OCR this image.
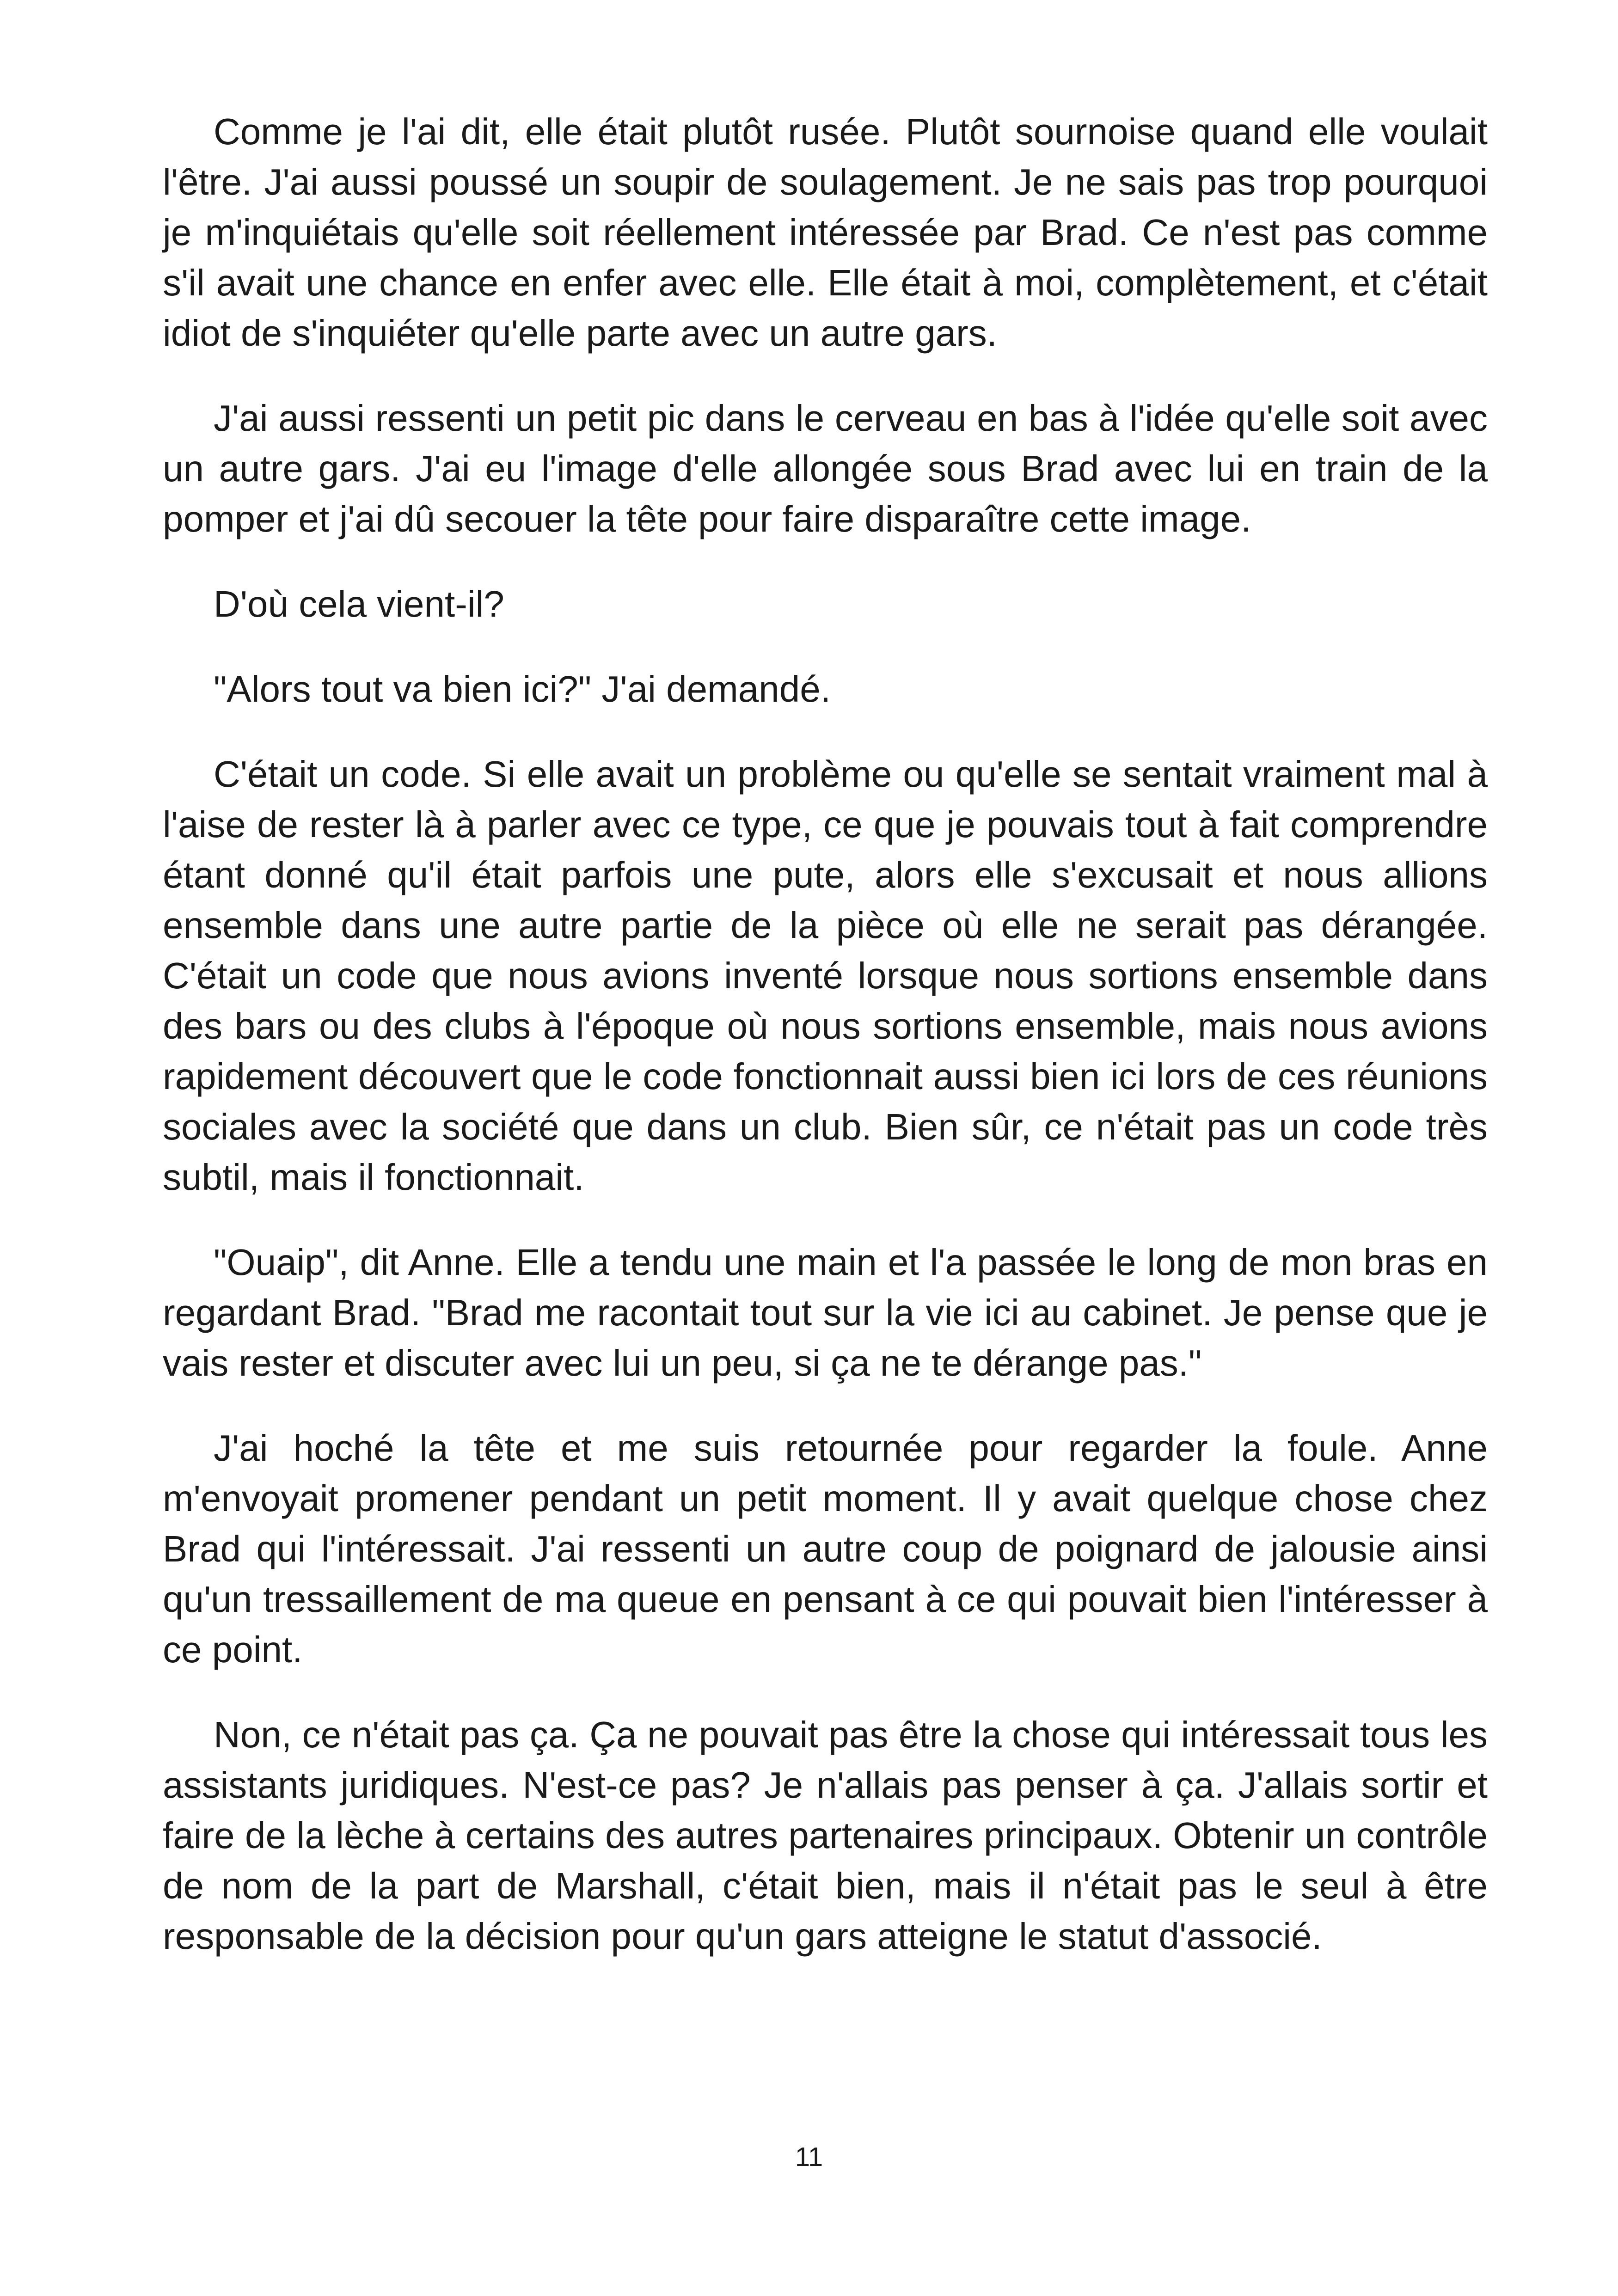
Comme je l'ai dit, elle était plutôt rusée. Plutôt sournoise quand elle voulait l'être. J'ai aussi poussé un soupir de soulagement. Je ne sais pas trop pourquoi je m'inquiétais qu'elle soit réellement intéressée par Brad. Ce n'est pas comme s'il avait une chance en enfer avec elle. Elle était à moi, complètement, et c'était idiot de s'inquiéter qu'elle parte avec un autre gars.

J'ai aussi ressenti un petit pic dans le cerveau en bas à l'idée qu'elle soit avec un autre gars. J'ai eu l'image d'elle allongée sous Brad avec lui en train de la pomper et j'ai dû secouer la tête pour faire disparaître cette image.

D'où cela vient-il?

"Alors tout va bien ici?" J'ai demandé.

C'était un code. Si elle avait un problème ou qu'elle se sentait vraiment mal à l'aise de rester là à parler avec ce type, ce que je pouvais tout à fait comprendre étant donné qu'il était parfois une pute, alors elle s'excusait et nous allions ensemble dans une autre partie de la pièce où elle ne serait pas dérangée. C'était un code que nous avions inventé lorsque nous sortions ensemble dans des bars ou des clubs à l'époque où nous sortions ensemble, mais nous avions rapidement découvert que le code fonctionnait aussi bien ici lors de ces réunions sociales avec la société que dans un club. Bien sûr, ce n'était pas un code très subtil, mais il fonctionnait.

"Ouaip", dit Anne. Elle a tendu une main et l'a passée le long de mon bras en regardant Brad. "Brad me racontait tout sur la vie ici au cabinet. Je pense que je vais rester et discuter avec lui un peu, si ça ne te dérange pas."

J'ai hoché la tête et me suis retournée pour regarder la foule. Anne m'envoyait promener pendant un petit moment. Il y avait quelque chose chez Brad qui l'intéressait. J'ai ressenti un autre coup de poignard de jalousie ainsi qu'un tressaillement de ma queue en pensant à ce qui pouvait bien l'intéresser à ce point.

Non, ce n'était pas ça. Ça ne pouvait pas être la chose qui intéressait tous les assistants juridiques. N'est-ce pas? Je n'allais pas penser à ça. J'allais sortir et faire de la lèche à certains des autres partenaires principaux. Obtenir un contrôle de nom de la part de Marshall, c'était bien, mais il n'était pas le seul à être responsable de la décision pour qu'un gars atteigne le statut d'associé.

11
